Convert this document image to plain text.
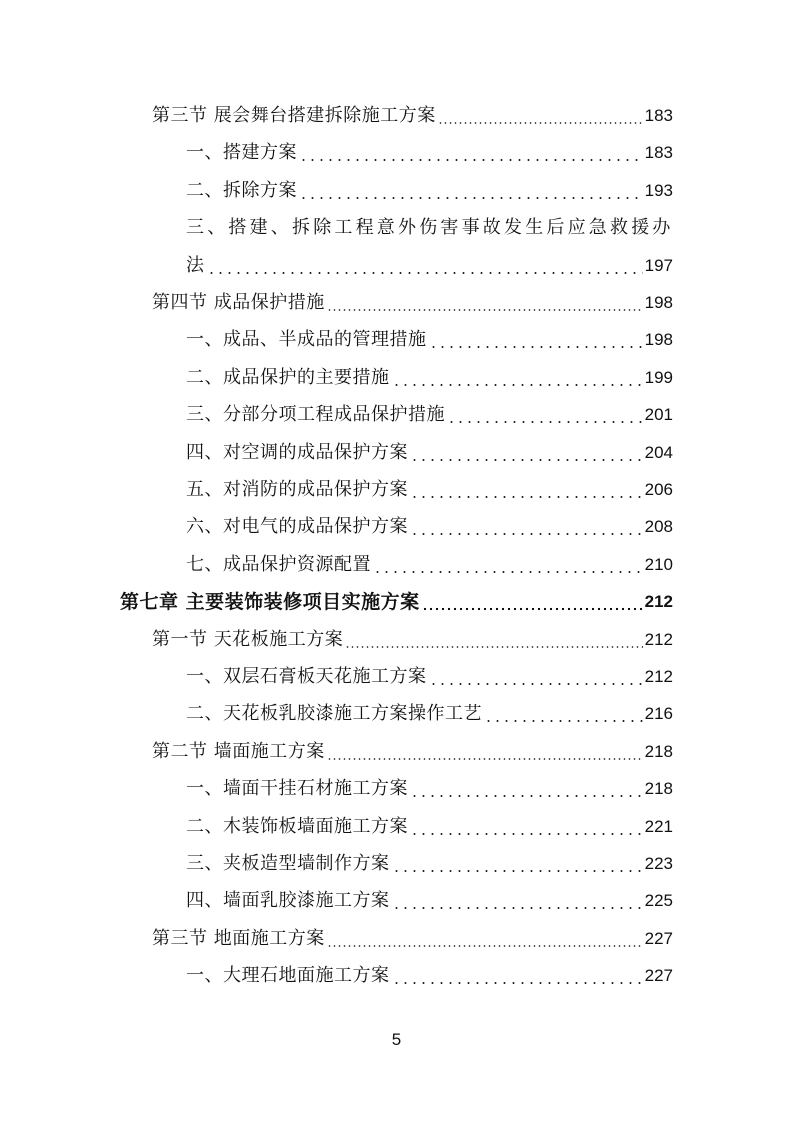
第三节 展会舞台搭建拆除施工方案	183
一、搭建方案	183
二、拆除方案	193
三、搭建、拆除工程意外伤害事故发生后应急救援办
法	197
第四节 成品保护措施	198
一、成品、半成品的管理措施	198
二、成品保护的主要措施	199
三、分部分项工程成品保护措施	201
四、对空调的成品保护方案	204
五、对消防的成品保护方案	206
六、对电气的成品保护方案	208
七、成品保护资源配置	210
第七章 主要装饰装修项目实施方案	212
第一节 天花板施工方案	212
一、双层石膏板天花施工方案	212
二、天花板乳胶漆施工方案操作工艺	216
第二节 墙面施工方案	218
一、墙面干挂石材施工方案	218
二、木装饰板墙面施工方案	221
三、夹板造型墙制作方案	223
四、墙面乳胶漆施工方案	225
第三节 地面施工方案	227
一、大理石地面施工方案	227
5
